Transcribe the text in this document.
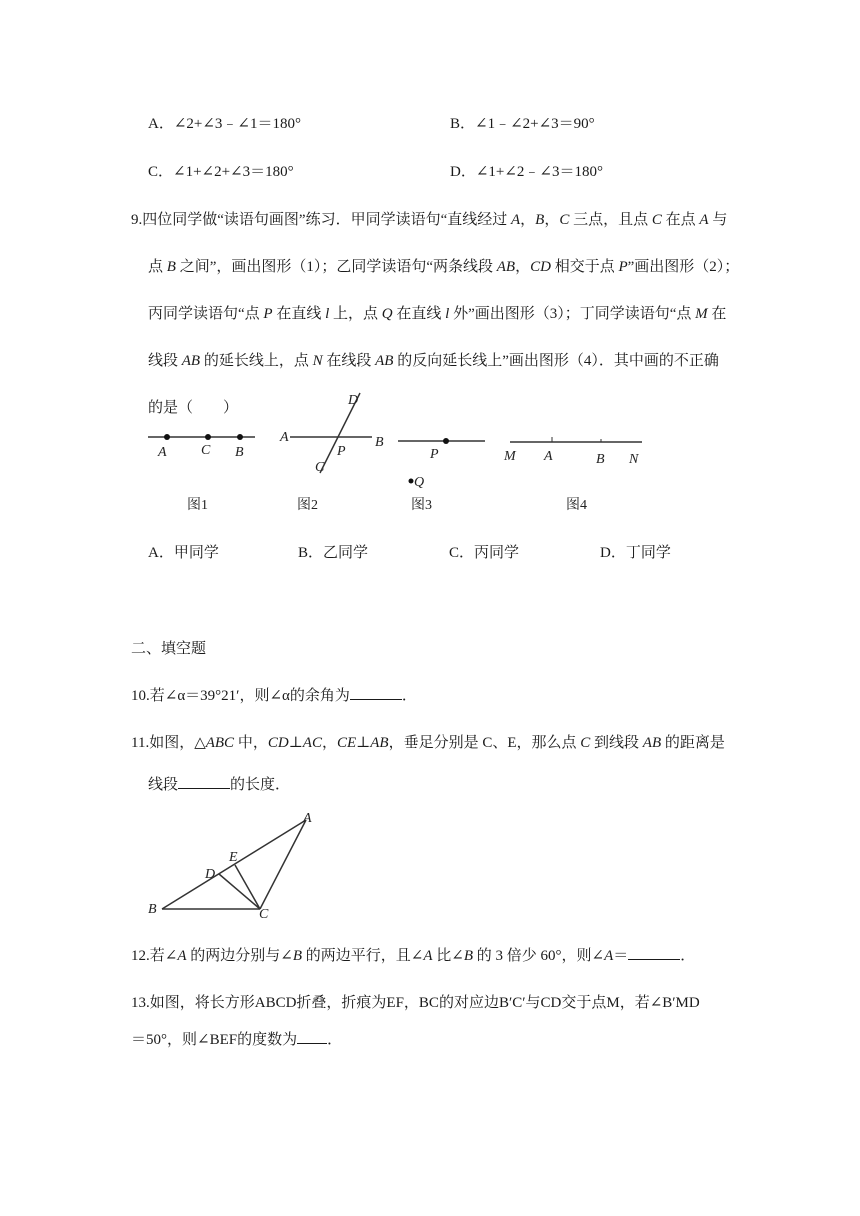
A．∠2+∠3﹣∠1＝180°	B．∠1﹣∠2+∠3＝90°
C．∠1+∠2+∠3＝180°	D．∠1+∠2﹣∠3＝180°
9.四位同学做“读语句画图”练习．甲同学读语句“直线经过 A，B，C 三点，且点 C 在点 A 与
点 B 之间”，画出图形（1）；乙同学读语句“两条线段 AB，CD 相交于点 P”画出图形（2）；
丙同学读语句“点 P 在直线 l 上，点 Q 在直线 l 外”画出图形（3）；丁同学读语句“点 M 在
线段 AB 的延长线上，点 N 在线段 AB 的反向延长线上”画出图形（4）．其中画的不正确
的是（　　）
A C B
D
A
P
B
C
P
Q
M A	B N
图1	图2	图3	图4
A．甲同学	B．乙同学	C．丙同学	D．丁同学
二、填空题
10.若∠α＝39°21′，则∠α的余角为	．
11.如图，△ABC 中，CD⊥AC，CE⊥AB，垂足分别是 C、E，那么点 C 到线段 AB 的距离是
线段	的长度．
A
E
D
B	C
12.若∠A 的两边分别与∠B 的两边平行，且∠A 比∠B 的 3 倍少 60°，则∠A＝	．
13.如图，将长方形ABCD折叠，折痕为EF，BC的对应边B′C′与CD交于点M，若∠B′MD
＝50°，则∠BEF的度数为 ．
